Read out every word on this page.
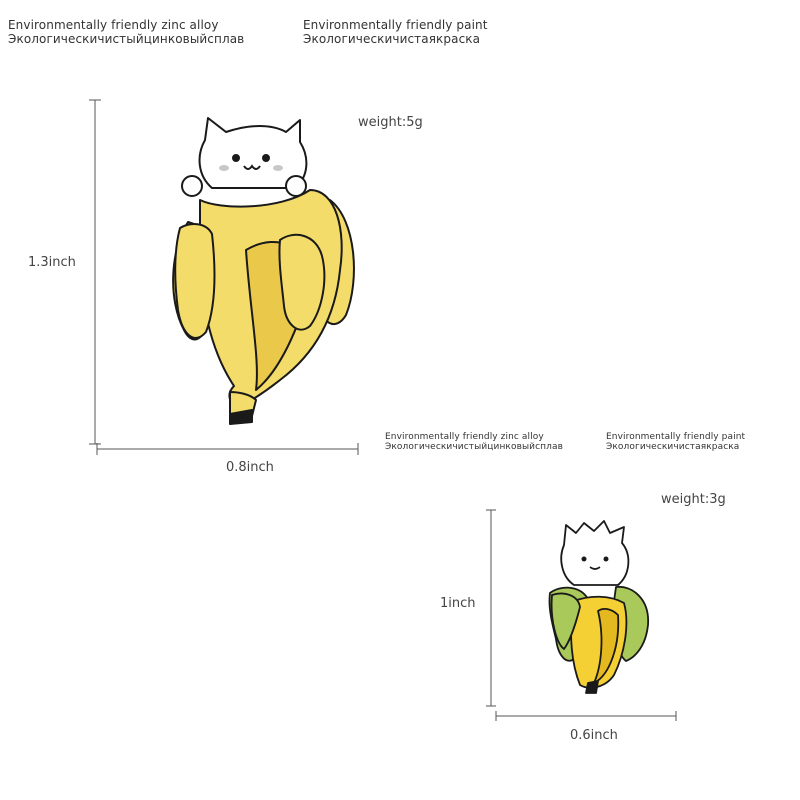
Environmentally friendly zinc alloy
Экологическичистыйцинковыйсплав
Environmentally friendly paint
Экологическичистаякраска
1.3inch
0.8inch
weight:5g
Environmentally friendly zinc alloy
Экологическичистыйцинковыйсплав
Environmentally friendly paint
Экологическичистаякраска
weight:3g
1inch
0.6inch
